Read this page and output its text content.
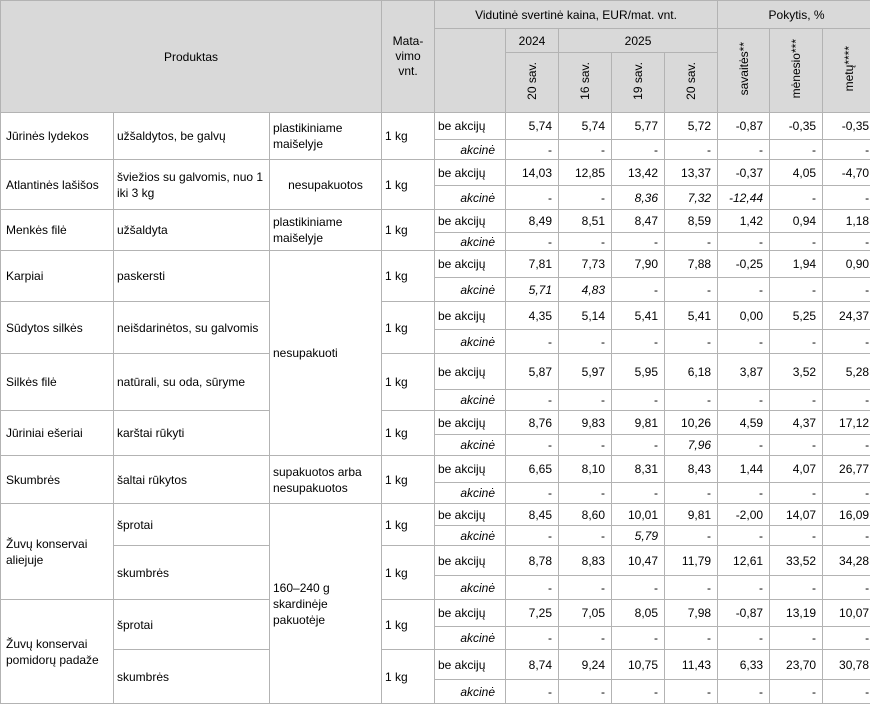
Produktas			Mata-
vimo
vnt.	Vidutinė svertinė kaina, EUR/mat. vnt.					Pokytis, %		
					2024	2025			savaitės**	mėnesio***	metų****
					20 sav.	16 sav.	19 sav.	20 sav.			
Jūrinės lydekos	užšaldytos, be galvų	plastikiniame maišelyje	1 kg	be akcijų	5,74	5,74	5,77	5,72	-0,87	-0,35	-0,35
				akcinė	-	-	-	-	-	-	-
Atlantinės lašišos	šviežios su galvomis, nuo 1 iki 3 kg	nesupakuotos	1 kg	be akcijų	14,03	12,85	13,42	13,37	-0,37	4,05	-4,70
				akcinė	-	-	8,36	7,32	-12,44	-	-
Menkės filė	užšaldyta	plastikiniame maišelyje	1 kg	be akcijų	8,49	8,51	8,47	8,59	1,42	0,94	1,18
				akcinė	-	-	-	-	-	-	-
Karpiai	paskersti	nesupakuoti	1 kg	be akcijų	7,81	7,73	7,90	7,88	-0,25	1,94	0,90
				akcinė	5,71	4,83	-	-	-	-	-
Sūdytos silkės	neišdarinėtos, su galvomis		1 kg	be akcijų	4,35	5,14	5,41	5,41	0,00	5,25	24,37
				akcinė	-	-	-	-	-	-	-
Silkės filė	natūrali, su oda, sūryme		1 kg	be akcijų	5,87	5,97	5,95	6,18	3,87	3,52	5,28
				akcinė	-	-	-	-	-	-	-
Jūriniai ešeriai	karštai rūkyti		1 kg	be akcijų	8,76	9,83	9,81	10,26	4,59	4,37	17,12
				akcinė	-	-	-	7,96	-	-	-
Skumbrės	šaltai rūkytos	supakuotos arba nesupakuotos	1 kg	be akcijų	6,65	8,10	8,31	8,43	1,44	4,07	26,77
				akcinė	-	-	-	-	-	-	-
Žuvų konservai aliejuje	šprotai	160–240 g skardinėje pakuotėje	1 kg	be akcijų	8,45	8,60	10,01	9,81	-2,00	14,07	16,09
				akcinė	-	-	5,79	-	-	-	-
	skumbrės		1 kg	be akcijų	8,78	8,83	10,47	11,79	12,61	33,52	34,28
				akcinė	-	-	-	-	-	-	-
Žuvų konservai pomidorų padaže	šprotai		1 kg	be akcijų	7,25	7,05	8,05	7,98	-0,87	13,19	10,07
				akcinė	-	-	-	-	-	-	-
	skumbrės		1 kg	be akcijų	8,74	9,24	10,75	11,43	6,33	23,70	30,78
				akcinė	-	-	-	-	-	-	-
